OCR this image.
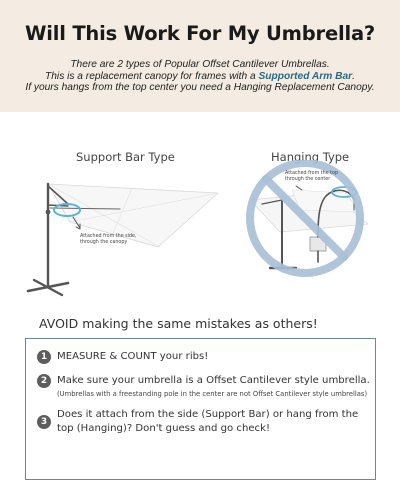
Will This Work For My Umbrella?
There are 2 types of Popular Offset Cantilever Umbrellas.
This is a replacement canopy for frames with a Supported Arm Bar.
If yours hangs from the top center you need a Hanging Replacement Canopy.
Support Bar Type	Hanging Type
Attached from the side,
through the canopy
Attached from the top
through the center
AVOID making the same mistakes as others!
1 MEASURE & COUNT your ribs!
2 Make sure your umbrella is a Offset Cantilever style umbrella.
(Umbrellas with a freestanding pole in the center are not Offset Cantilever style umbrellas)
3
Does it attach from the side (Support Bar) or hang from the
top (Hanging)? Don't guess and go check!
